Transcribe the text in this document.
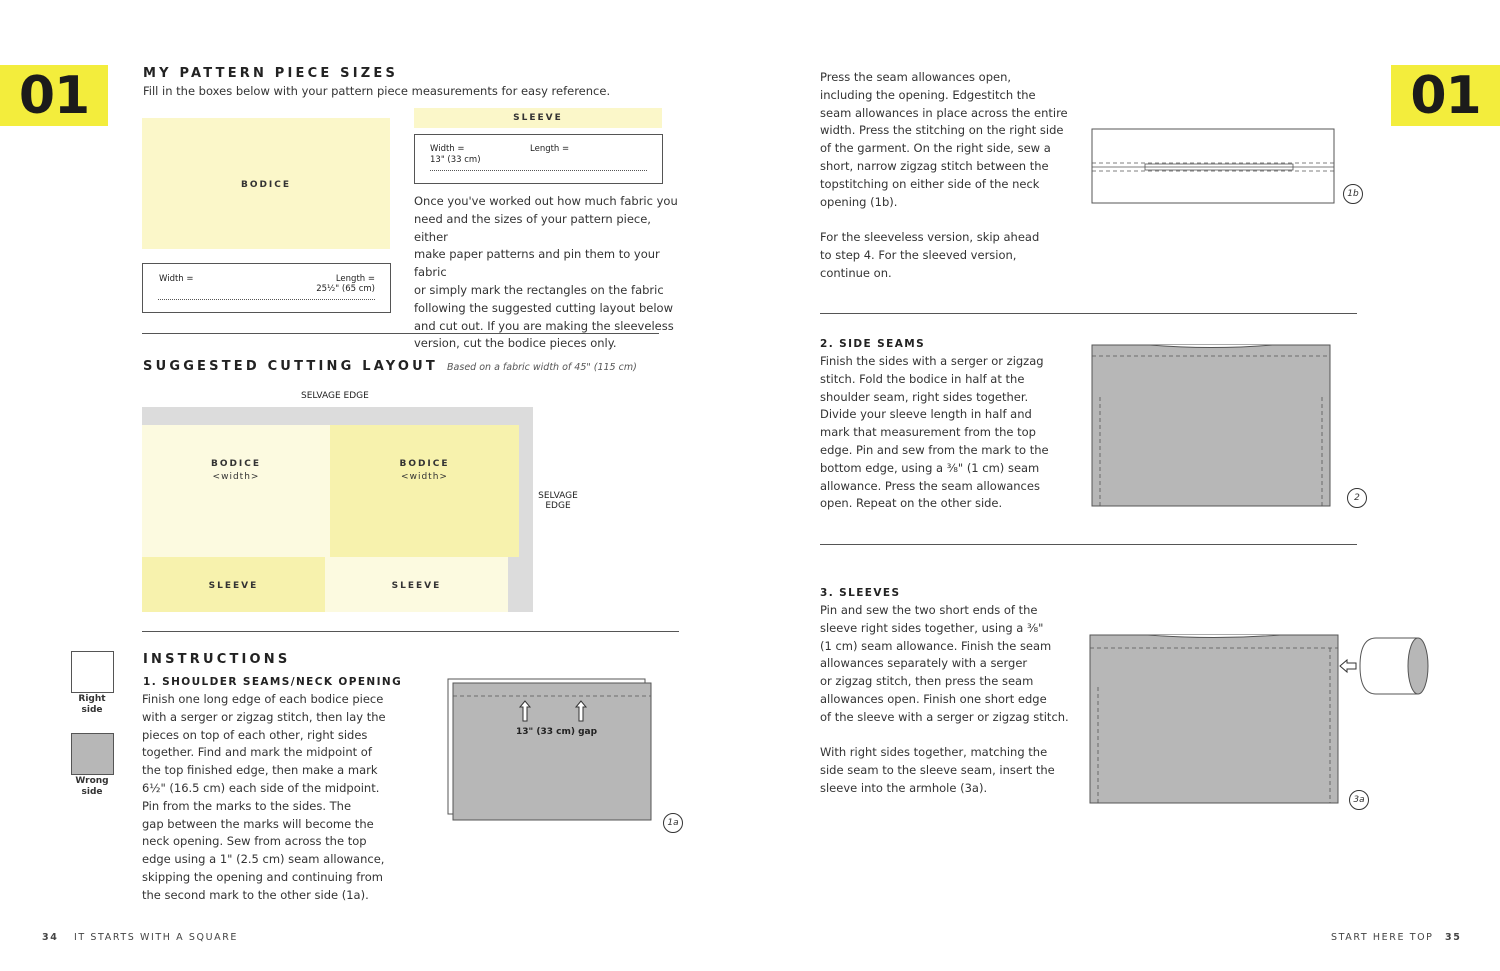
01	MY PATTERN PIECE SIZES
Fill in the boxes below with your pattern piece measurements for easy reference.
BODICE
Width =	Length =
25½" (65 cm)
SLEEVE
Width =
13" (33 cm)
Length =
Once you've worked out how much fabric you
need and the sizes of your pattern piece, either
make paper patterns and pin them to your fabric
or simply mark the rectangles on the fabric
following the suggested cutting layout below
and cut out. If you are making the sleeveless
version, cut the bodice pieces only.
SUGGESTED CUTTING LAYOUT Based on a fabric width of 45" (115 cm)
SELVAGE EDGE
BODICE
<width>
BODICE
<width>
SLEEVE	SLEEVE
SELVAGE
EDGE
Right
side
Wrong
side
INSTRUCTIONS
1. SHOULDER SEAMS/NECK OPENING
Finish one long edge of each bodice piece
with a serger or zigzag stitch, then lay the
pieces on top of each other, right sides
together. Find and mark the midpoint of
the top finished edge, then make a mark
6½" (16.5 cm) each side of the midpoint.
Pin from the marks to the sides. The
gap between the marks will become the
neck opening. Sew from across the top
edge using a 1" (2.5 cm) seam allowance,
skipping the opening and continuing from
the second mark to the other side (1a).
13" (33 cm) gap
1a
34 IT STARTS WITH A SQUARE
01
Press the seam allowances open,
including the opening. Edgestitch the
seam allowances in place across the entire
width. Press the stitching on the right side
of the garment. On the right side, sew a
short, narrow zigzag stitch between the
topstitching on either side of the neck
opening (1b).
For the sleeveless version, skip ahead
to step 4. For the sleeved version,
continue on.
1b
2. SIDE SEAMS
Finish the sides with a serger or zigzag
stitch. Fold the bodice in half at the
shoulder seam, right sides together.
Divide your sleeve length in half and
mark that measurement from the top
edge. Pin and sew from the mark to the
bottom edge, using a ⅜" (1 cm) seam
allowance. Press the seam allowances
open. Repeat on the other side.	2
3. SLEEVES
Pin and sew the two short ends of the
sleeve right sides together, using a ⅜"
(1 cm) seam allowance. Finish the seam
allowances separately with a serger
or zigzag stitch, then press the seam
allowances open. Finish one short edge
of the sleeve with a serger or zigzag stitch.
With right sides together, matching the
side seam to the sleeve seam, insert the
sleeve into the armhole (3a).
3a
START HERE TOP 35
